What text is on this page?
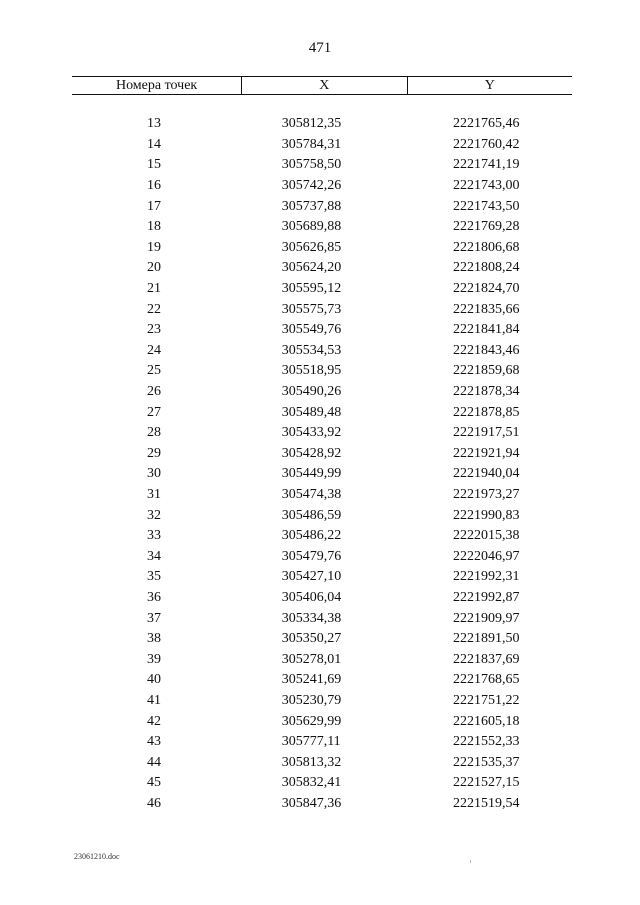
471
Номера точек	X	Y

13	305812,35	2221765,46
14	305784,31	2221760,42
15	305758,50	2221741,19
16	305742,26	2221743,00
17	305737,88	2221743,50
18	305689,88	2221769,28
19	305626,85	2221806,68
20	305624,20	2221808,24
21	305595,12	2221824,70
22	305575,73	2221835,66
23	305549,76	2221841,84
24	305534,53	2221843,46
25	305518,95	2221859,68
26	305490,26	2221878,34
27	305489,48	2221878,85
28	305433,92	2221917,51
29	305428,92	2221921,94
30	305449,99	2221940,04
31	305474,38	2221973,27
32	305486,59	2221990,83
33	305486,22	2222015,38
34	305479,76	2222046,97
35	305427,10	2221992,31
36	305406,04	2221992,87
37	305334,38	2221909,97
38	305350,27	2221891,50
39	305278,01	2221837,69
40	305241,69	2221768,65
41	305230,79	2221751,22
42	305629,99	2221605,18
43	305777,11	2221552,33
44	305813,32	2221535,37
45	305832,41	2221527,15
46	305847,36	2221519,54
23061210.doc
